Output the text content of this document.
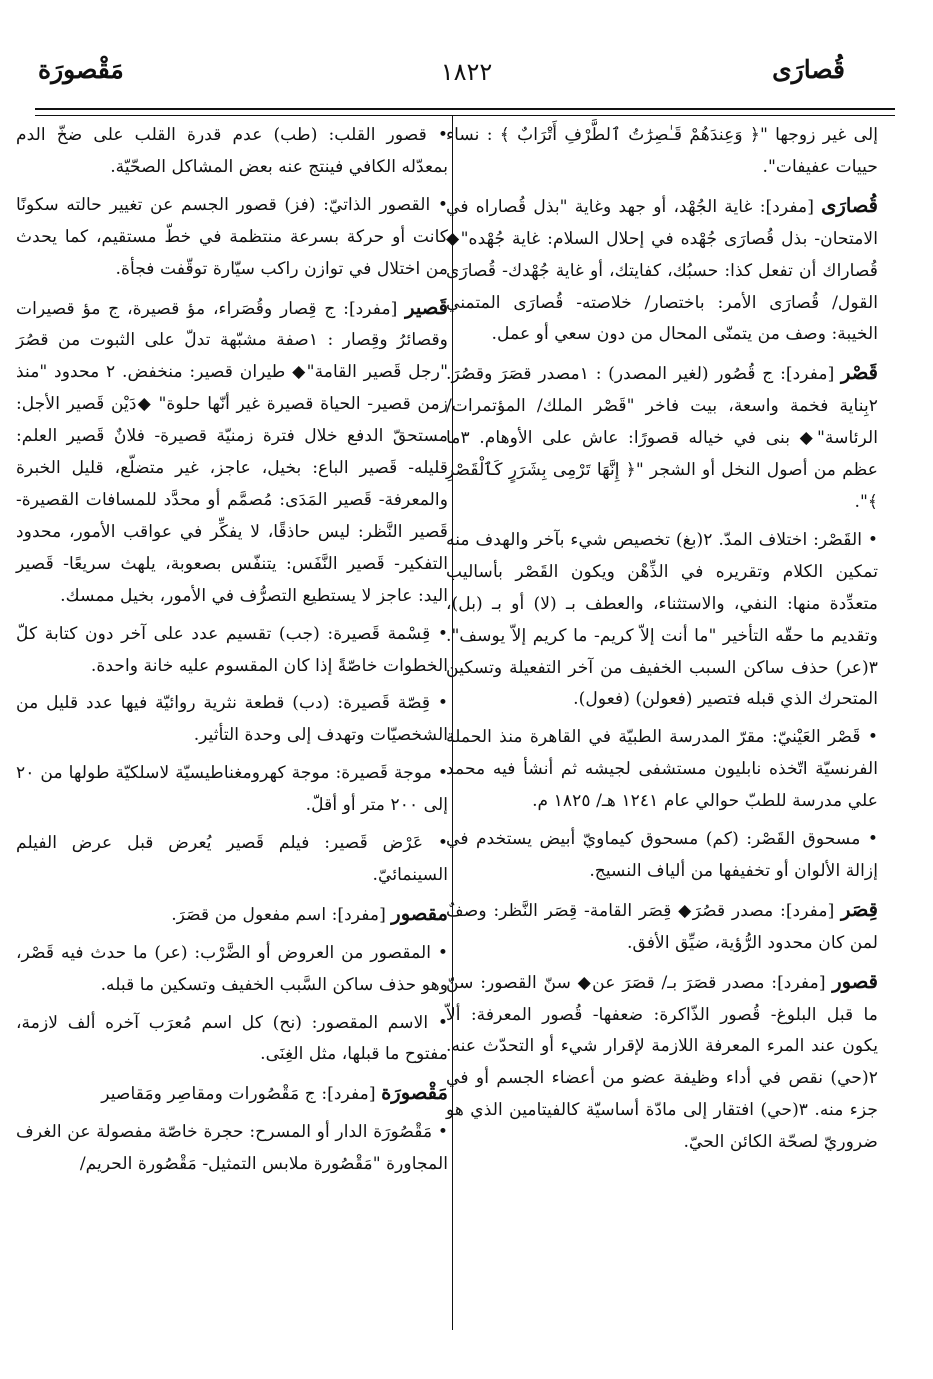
قُصارَى
١٨٢٢
مَقْصورَة

إلى غير زوجها "﴿ وَعِندَهُمْ قَـٰصِرَٰتُ ٱلطَّرْفِ أَتْرَابٌ ﴾ : نساء حييات عفيفات".

قُصارَى [مفرد]: غاية الجُهْد، أو جهد وغاية "بذل قُصاراه في الامتحان- بذل قُصارَى جُهْده في إحلال السلام: غاية جُهْده"◆ قُصاراك أن تفعل كذا: حسبُك، كفايتك، أو غاية جُهْدك- قُصارَى القول/ قُصارَى الأمر: باختصار/ خلاصته- قُصارَى المتمني الخيبة: وصف من يتمنّى المحال من دون سعي أو عمل.

قَصْر [مفرد]: ج قُصُور (لغير المصدر) : ١مصدر قصَرَ وقصُرَ. ٢بِناية فخمة واسعة، بيت فاخر "قَصْر الملك/ المؤتمرات/ الرئاسة"◆ بنى في خياله قصورًا: عاش على الأوهام. ٣ما عظم من أصول النخل أو الشجر "﴿ إِنَّهَا تَرْمِى بِشَرَرٍ كَٱلْقَصْرِ ﴾".

• القَصْر: اختلاف المدّ. ٢(بغ) تخصيص شيء بآخر والهدف منه تمكين الكلام وتقريره في الذِّهْن ويكون القَصْر بأساليب متعدِّدة منها: النفي، والاستثناء، والعطف بـ (لا) أو بـ (بل)، وتقديم ما حقّه التأخير "ما أنت إلاّ كريم- ما كريم إلاّ يوسف". ٣(عر) حذف ساكن السبب الخفيف من آخر التفعيلة وتسكين المتحرك الذي قبله فتصير (فعولن) (فعول).

• قَصْر العَيْنيّ: مقرّ المدرسة الطبيّة في القاهرة منذ الحملة الفرنسيّة اتّخذه نابليون مستشفى لجيشه ثم أنشأ فيه محمد علي مدرسة للطبّ حوالي عام ١٢٤١ هـ/ ١٨٢٥ م.

• مسحوق القَصْر: (كم) مسحوق كيماويّ أبيض يستخدم في إزالة الألوان أو تخفيفها من ألياف النسيج.

قِصَر [مفرد]: مصدر قصُرَ◆ قِصَر القامة- قِصَر النَّظر: وصفٌ لمن كان محدود الرُّؤية، ضيِّق الأفق.

قصور [مفرد]: مصدر قصَرَ بـ/ قصَرَ عن◆ سنّ القصور: سنّ ما قبل البلوغ- قُصور الذّاكرة: ضعفها- قُصور المعرفة: ألاّ يكون عند المرء المعرفة اللازمة لإقرار شيء أو التحدّث عنه. ٢(حي) نقص في أداء وظيفة عضو من أعضاء الجسم أو في جزء منه. ٣(حي) افتقار إلى مادّة أساسيّة كالفيتامين الذي هو ضروريّ لصحّة الكائن الحيّ.

• قصور القلب: (طب) عدم قدرة القلب على ضخّ الدم بمعدّله الكافي فينتج عنه بعض المشاكل الصحّيّة.

• القصور الذاتيّ: (فز) قصور الجسم عن تغيير حالته سكونًا كانت أو حركة بسرعة منتظمة في خطّ مستقيم، كما يحدث من اختلال في توازن راكب سيّارة توقّفت فجأة.

قَصير [مفرد]: ج قِصار وقُصَراء، مؤ قصيرة، ج مؤ قصيرات وقصائرُ وقِصار : ١صفة مشبّهة تدلّ على الثبوت من قصُرَ "رجل قَصير القامة"◆ طيران قصير: منخفض. ٢ محدود "منذ زمن قصير- الحياة قصيرة غير أنّها حلوة" ◆دَيْن قَصير الأجل: مستحقّ الدفع خلال فترة زمنيّة قصيرة- فلانٌ قَصير العلم: قليله- قَصير الباع: بخيل، عاجز، غير متضلّع، قليل الخبرة والمعرفة- قَصير المَدَى: مُصمَّم أو محدَّد للمسافات القصيرة- قَصير النَّظر: ليس حاذقًا، لا يفكِّر في عواقب الأمور، محدود التفكير- قَصير النَّفَس: يتنفّس بصعوبة، يلهث سريعًا- قَصير اليد: عاجز لا يستطيع التصرُّف في الأمور، بخيل ممسك.

• قِسْمة قَصيرة: (جب) تقسيم عدد على آخر دون كتابة كلّ الخطوات خاصّةً إذا كان المقسوم عليه خانة واحدة.

• قِصّة قَصيرة: (دب) قطعة نثرية روائيّة فيها عدد قليل من الشخصيّات وتهدف إلى وحدة التأثير.

• موجة قَصيرة: موجة كهرومغناطيسيّة لاسلكيّة طولها من ٢٠ إلى ٢٠٠ متر أو أقلّ.

• عَرْض قَصير: فيلم قَصير يُعرض قبل عرض الفيلم السينمائيّ.

مقصور [مفرد]: اسم مفعول من قصَرَ.

• المقصور من العروض أو الضَّرْب: (عر) ما حدث فيه قَصْر، وهو حذف ساكن السَّبب الخفيف وتسكين ما قبله.

• الاسم المقصور: (نح) كل اسم مُعرَب آخره ألف لازمة، مفتوح ما قبلها، مثل الغِنَى.

مَقْصورَة [مفرد]: ج مَقْصُورات ومقاصِر ومَقاصير

• مَقْصُورَة الدار أو المسرح: حجرة خاصّة مفصولة عن الغرف المجاورة "مَقْصُورة ملابس التمثيل- مَقْصُورة الحريم/
